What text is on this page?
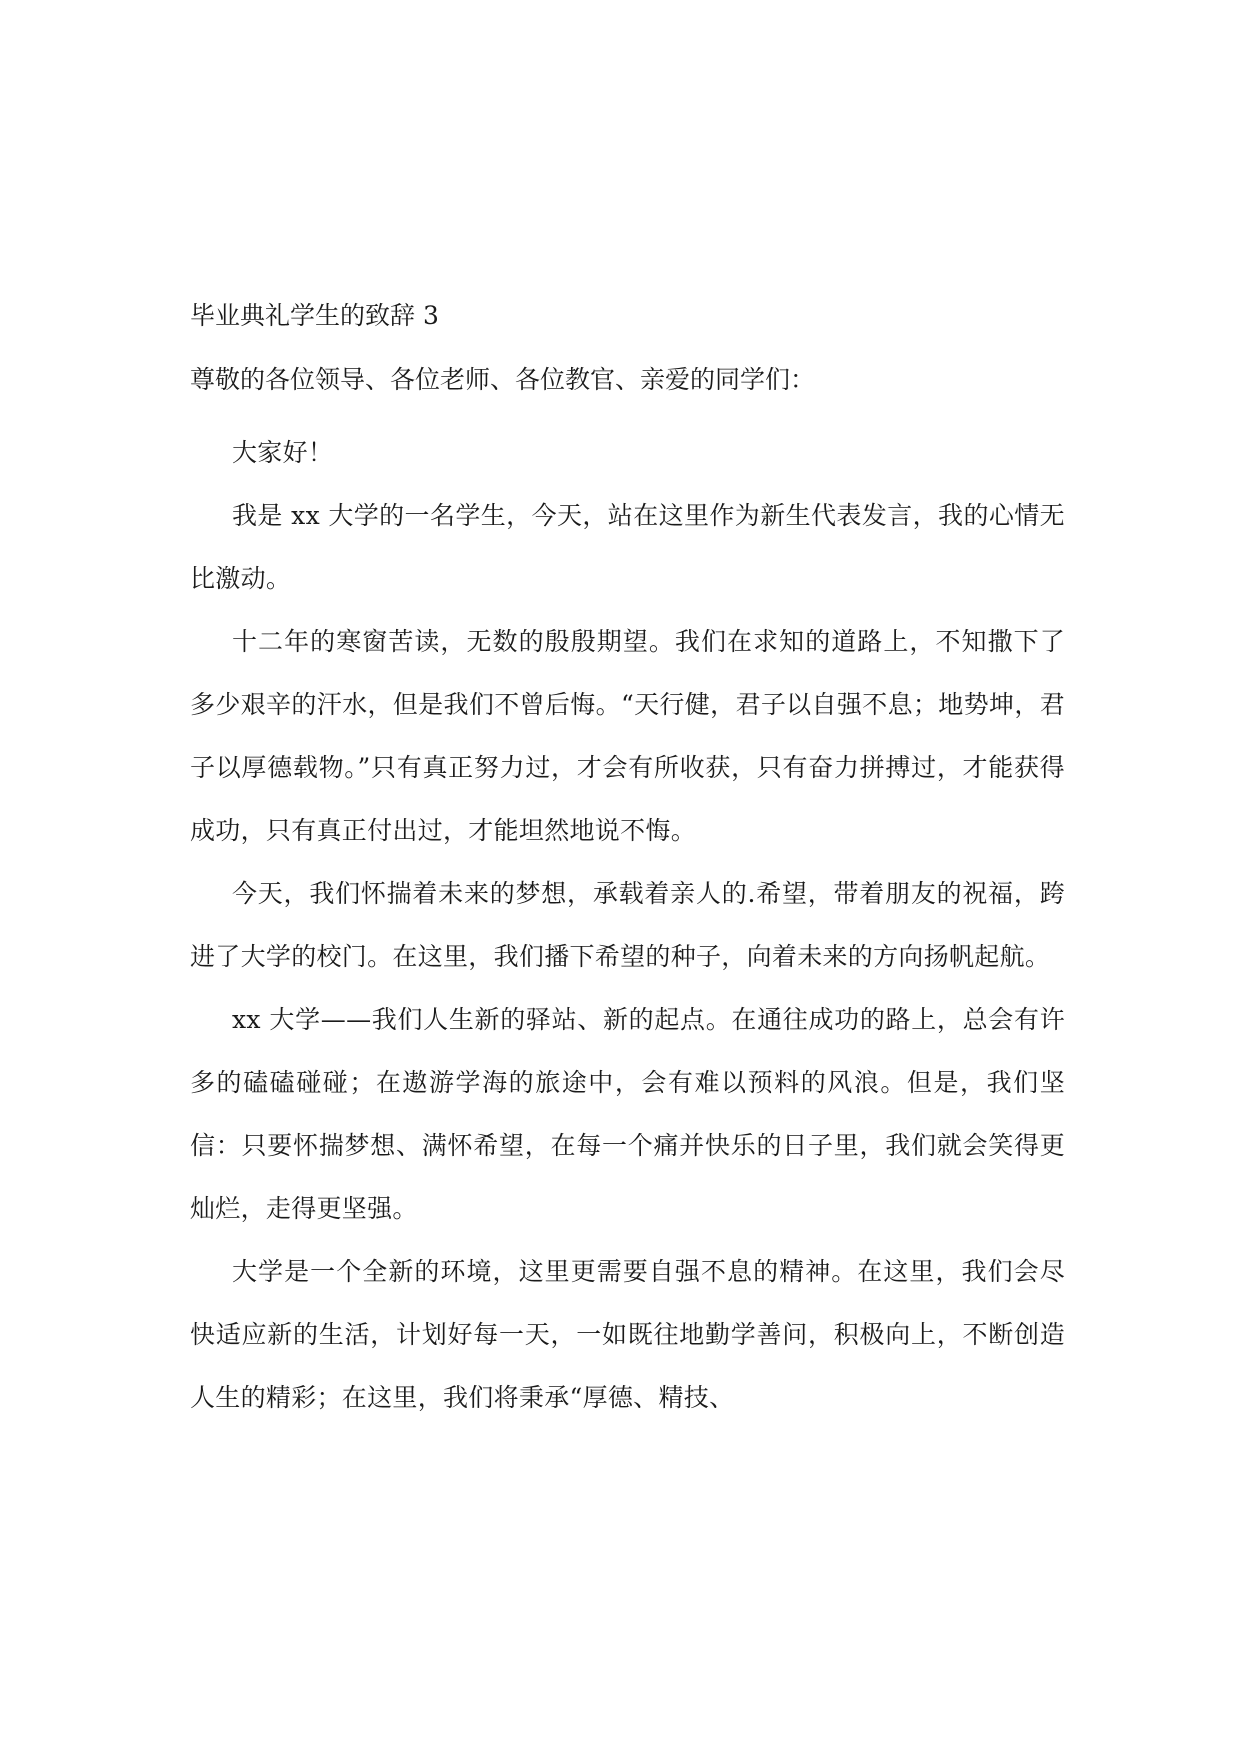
毕业典礼学生的致辞 3
尊敬的各位领导、各位老师、各位教官、亲爱的同学们：

大家好！

我是 xx 大学的一名学生，今天，站在这里作为新生代表发言，我的心情无比激动。

十二年的寒窗苦读，无数的殷殷期望。我们在求知的道路上，不知撒下了多少艰辛的汗水，但是我们不曾后悔。“天行健，君子以自强不息；地势坤，君子以厚德载物。”只有真正努力过，才会有所收获，只有奋力拼搏过，才能获得成功，只有真正付出过，才能坦然地说不悔。

今天，我们怀揣着未来的梦想，承载着亲人的.希望，带着朋友的祝福，跨进了大学的校门。在这里，我们播下希望的种子，向着未来的方向扬帆起航。

xx 大学——我们人生新的驿站、新的起点。在通往成功的路上，总会有许多的磕磕碰碰；在遨游学海的旅途中，会有难以预料的风浪。但是，我们坚信：只要怀揣梦想、满怀希望，在每一个痛并快乐的日子里，我们就会笑得更灿烂，走得更坚强。

大学是一个全新的环境，这里更需要自强不息的精神。在这里，我们会尽快适应新的生活，计划好每一天，一如既往地勤学善问，积极向上，不断创造人生的精彩；在这里，我们将秉承“厚德、精技、
